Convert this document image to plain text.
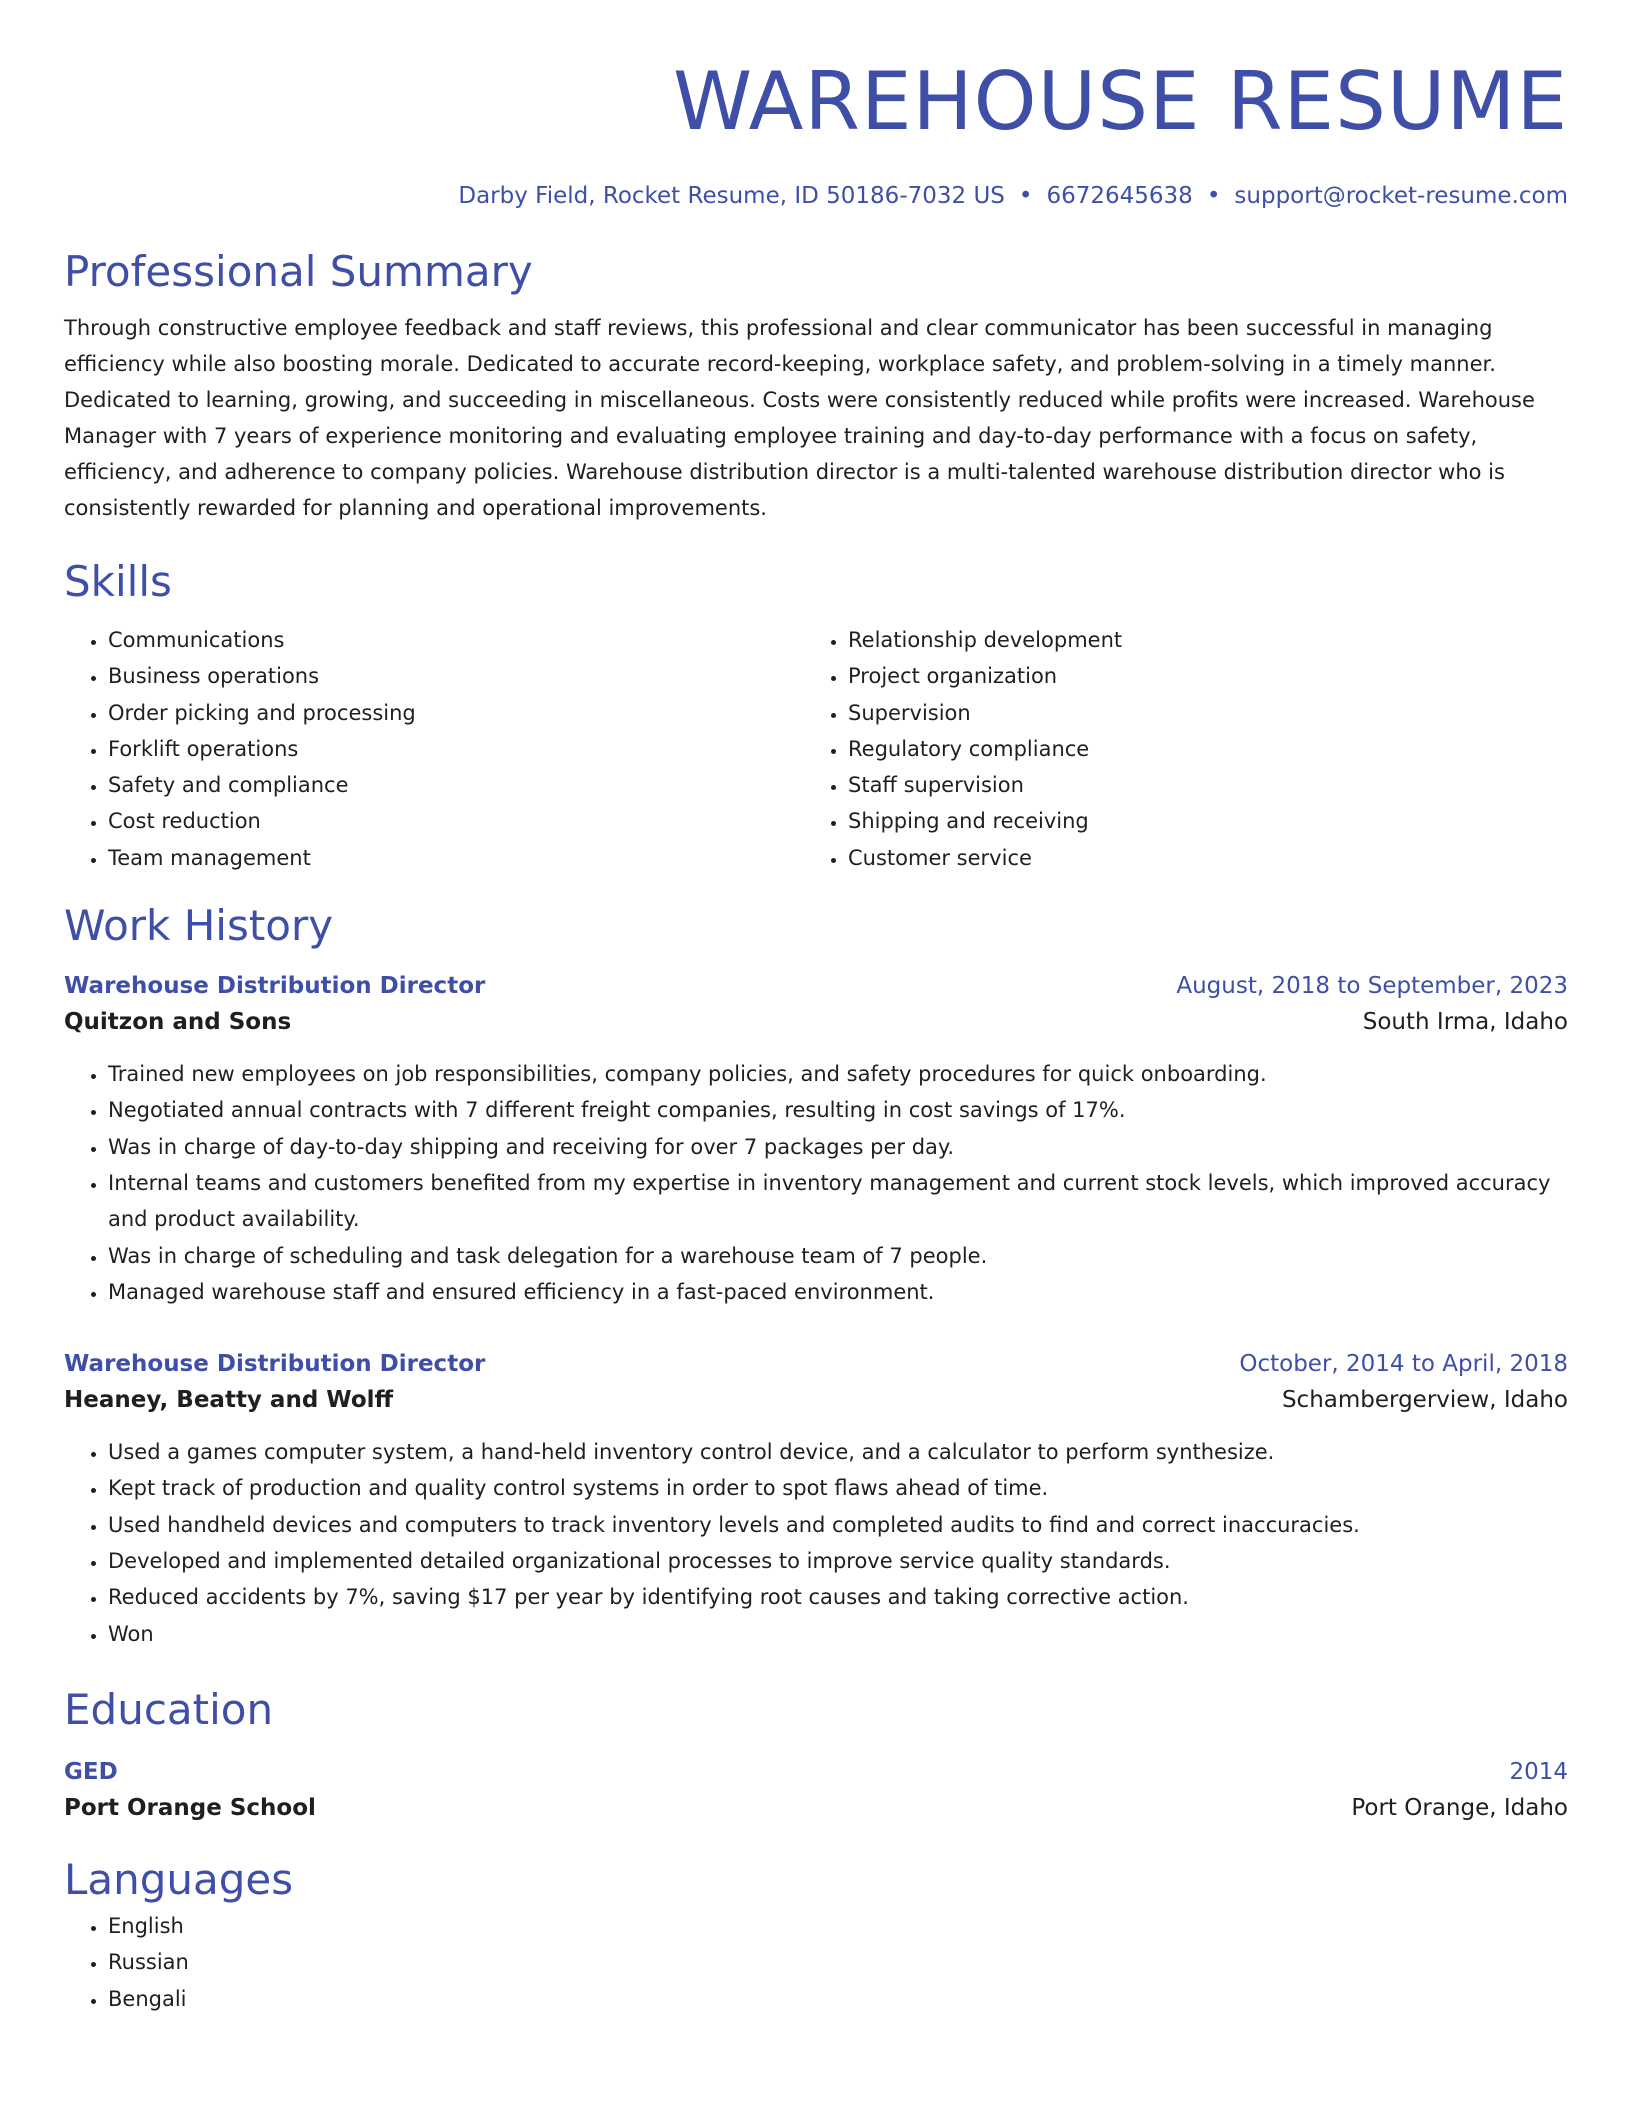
WAREHOUSE RESUME
Darby Field, Rocket Resume, ID 50186-7032 US • 6672645638 • support@rocket-resume.com
Professional Summary
Through constructive employee feedback and staff reviews, this professional and clear communicator has been successful in managing efficiency while also boosting morale. Dedicated to accurate record-keeping, workplace safety, and problem-solving in a timely manner. Dedicated to learning, growing, and succeeding in miscellaneous. Costs were consistently reduced while profits were increased. Warehouse Manager with 7 years of experience monitoring and evaluating employee training and day-to-day performance with a focus on safety, efficiency, and adherence to company policies. Warehouse distribution director is a multi-talented warehouse distribution director who is consistently rewarded for planning and operational improvements.
Skills
• Communications
• Business operations
• Order picking and processing
• Forklift operations
• Safety and compliance
• Cost reduction
• Team management
• Relationship development
• Project organization
• Supervision
• Regulatory compliance
• Staff supervision
• Shipping and receiving
• Customer service
Work History
Warehouse Distribution Director	August, 2018 to September, 2023
Quitzon and Sons	South Irma, Idaho
• Trained new employees on job responsibilities, company policies, and safety procedures for quick onboarding.
• Negotiated annual contracts with 7 different freight companies, resulting in cost savings of 17%.
• Was in charge of day-to-day shipping and receiving for over 7 packages per day.
• Internal teams and customers benefited from my expertise in inventory management and current stock levels, which improved accuracy and product availability.
• Was in charge of scheduling and task delegation for a warehouse team of 7 people.
• Managed warehouse staff and ensured efficiency in a fast-paced environment.
Warehouse Distribution Director	October, 2014 to April, 2018
Heaney, Beatty and Wolff	Schambergerview, Idaho
• Used a games computer system, a hand-held inventory control device, and a calculator to perform synthesize.
• Kept track of production and quality control systems in order to spot flaws ahead of time.
• Used handheld devices and computers to track inventory levels and completed audits to find and correct inaccuracies.
• Developed and implemented detailed organizational processes to improve service quality standards.
• Reduced accidents by 7%, saving $17 per year by identifying root causes and taking corrective action.
• Won
Education
GED	2014
Port Orange School	Port Orange, Idaho
Languages
• English
• Russian
• Bengali
